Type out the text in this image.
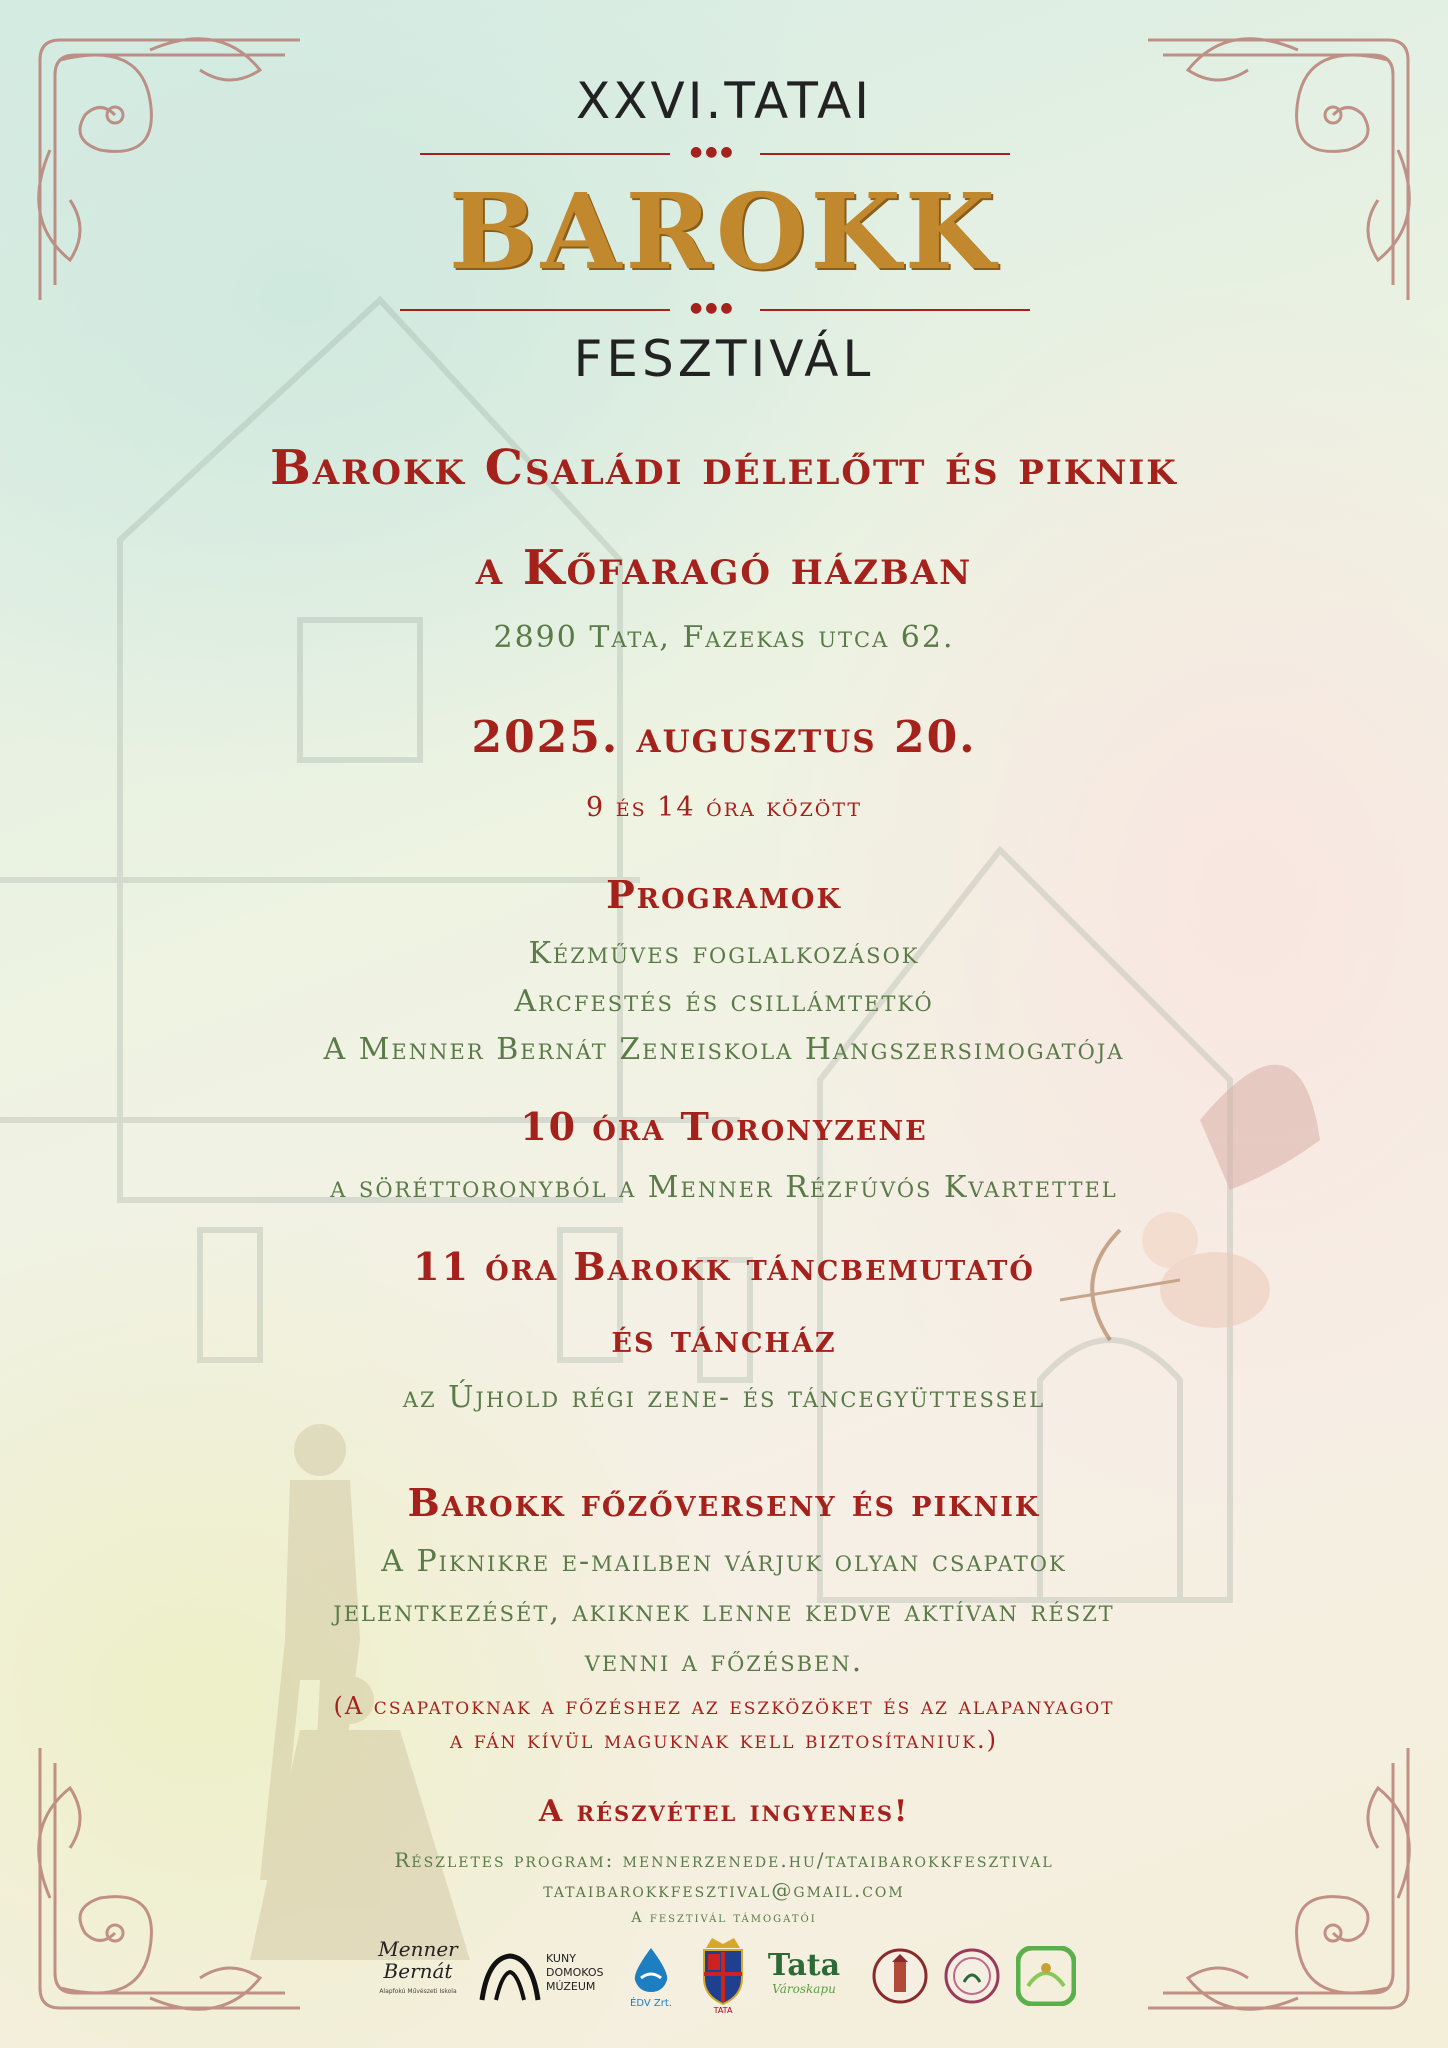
XXVI.TATAI
●●●
BAROKK
●●●
FESZTIVÁL
Barokk Családi délelőtt és piknik
a Kőfaragó házban
2890 Tata, Fazekas utca 62.
2025. augusztus 20.
9 és 14 óra között
Programok
Kézműves foglalkozások
Arcfestés és csillámtetkó
A Menner Bernát Zeneiskola Hangszersimogatója
10 óra Toronyzene
a söréttoronyból a Menner Rézfúvós Kvartettel
11 óra Barokk táncbemutató
és táncház
az Újhold régi zene- és táncegyüttessel
Barokk főzőverseny és piknik
A Piknikre e-mailben várjuk olyan csapatok
jelentkezését, akiknek lenne kedve aktívan részt
venni a főzésben.
(A csapatoknak a főzéshez az eszközöket és az alapanyagot
a fán kívül maguknak kell biztosítaniuk.)
A részvétel ingyenes!
Részletes program: mennerzenede.hu/tataibarokkfesztival
tataibarokkfesztival@gmail.com
A fesztivál támogatói
Menner
Bernát
Alapfokú Művészeti Iskola
KUNY
DOMOKOS
MÚZEUM
ÉDV Zrt.
TATA
Tata
Városkapu
